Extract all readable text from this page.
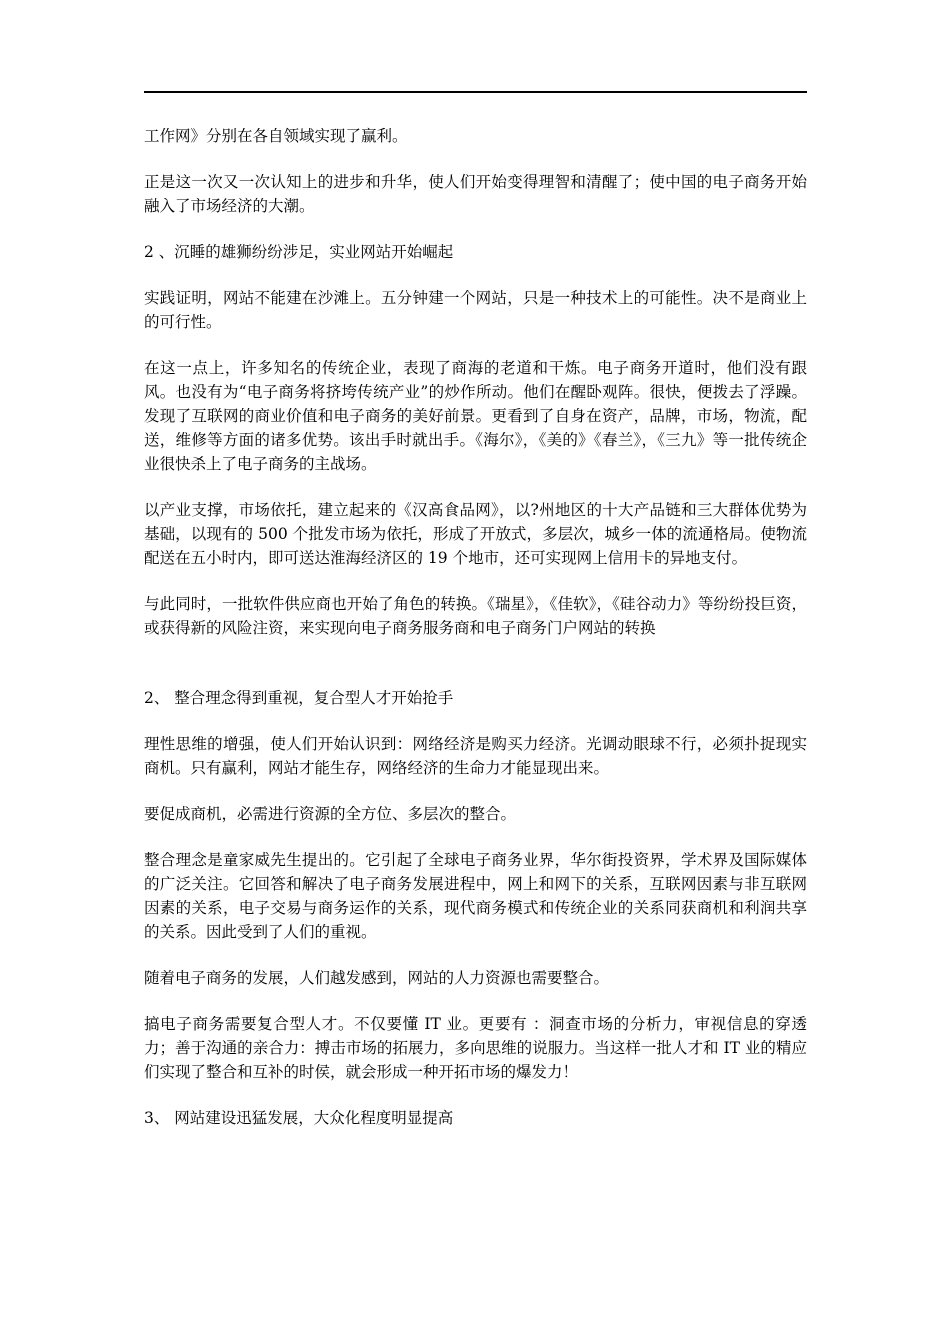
工作网》分别在各自领域实现了赢利。

正是这一次又一次认知上的进步和升华，使人们开始变得理智和清醒了；使中国的电子商务开始融入了市场经济的大潮。

2 、沉睡的雄狮纷纷涉足，实业网站开始崛起

实践证明，网站不能建在沙滩上。五分钟建一个网站，只是一种技术上的可能性。决不是商业上的可行性。

在这一点上，许多知名的传统企业，表现了商海的老道和干炼。电子商务开道时，他们没有跟风。也没有为“电子商务将挤垮传统产业”的炒作所动。他们在醒卧观阵。很快，便拨去了浮躁。发现了互联网的商业价值和电子商务的美好前景。更看到了自身在资产，品牌，市场，物流，配送，维修等方面的诸多优势。该出手时就出手。《海尔》，《美的》《春兰》，《三九》等一批传统企业很快杀上了电子商务的主战场。

以产业支撑，市场依托，建立起来的《汉高食品网》，以?州地区的十大产品链和三大群体优势为基础，以现有的 500 个批发市场为依托，形成了开放式，多层次，城乡一体的流通格局。使物流配送在五小时内，即可送达淮海经济区的 19 个地市，还可实现网上信用卡的异地支付。

与此同时，一批软件供应商也开始了角色的转换。《瑞星》，《佳软》，《硅谷动力》等纷纷投巨资，或获得新的风险注资，来实现向电子商务服务商和电子商务门户网站的转换

2、 整合理念得到重视，复合型人才开始抢手

理性思维的增强，使人们开始认识到：网络经济是购买力经济。光调动眼球不行，必须扑捉现实商机。只有赢利，网站才能生存，网络经济的生命力才能显现出来。

要促成商机，必需进行资源的全方位、多层次的整合。

整合理念是童家威先生提出的。它引起了全球电子商务业界，华尔街投资界，学术界及国际媒体的广泛关注。它回答和解决了电子商务发展进程中，网上和网下的关系，互联网因素与非互联网因素的关系，电子交易与商务运作的关系，现代商务模式和传统企业的关系同获商机和利润共享的关系。因此受到了人们的重视。

随着电子商务的发展，人们越发感到，网站的人力资源也需要整合。

搞电子商务需要复合型人才。不仅要懂 IT 业。更要有 ：洞查市场的分析力，审视信息的穿透力；善于沟通的亲合力：搏击市场的拓展力，多向思维的说服力。当这样一批人才和 IT 业的精应们实现了整合和互补的时侯，就会形成一种开拓市场的爆发力！

3、 网站建设迅猛发展，大众化程度明显提高
